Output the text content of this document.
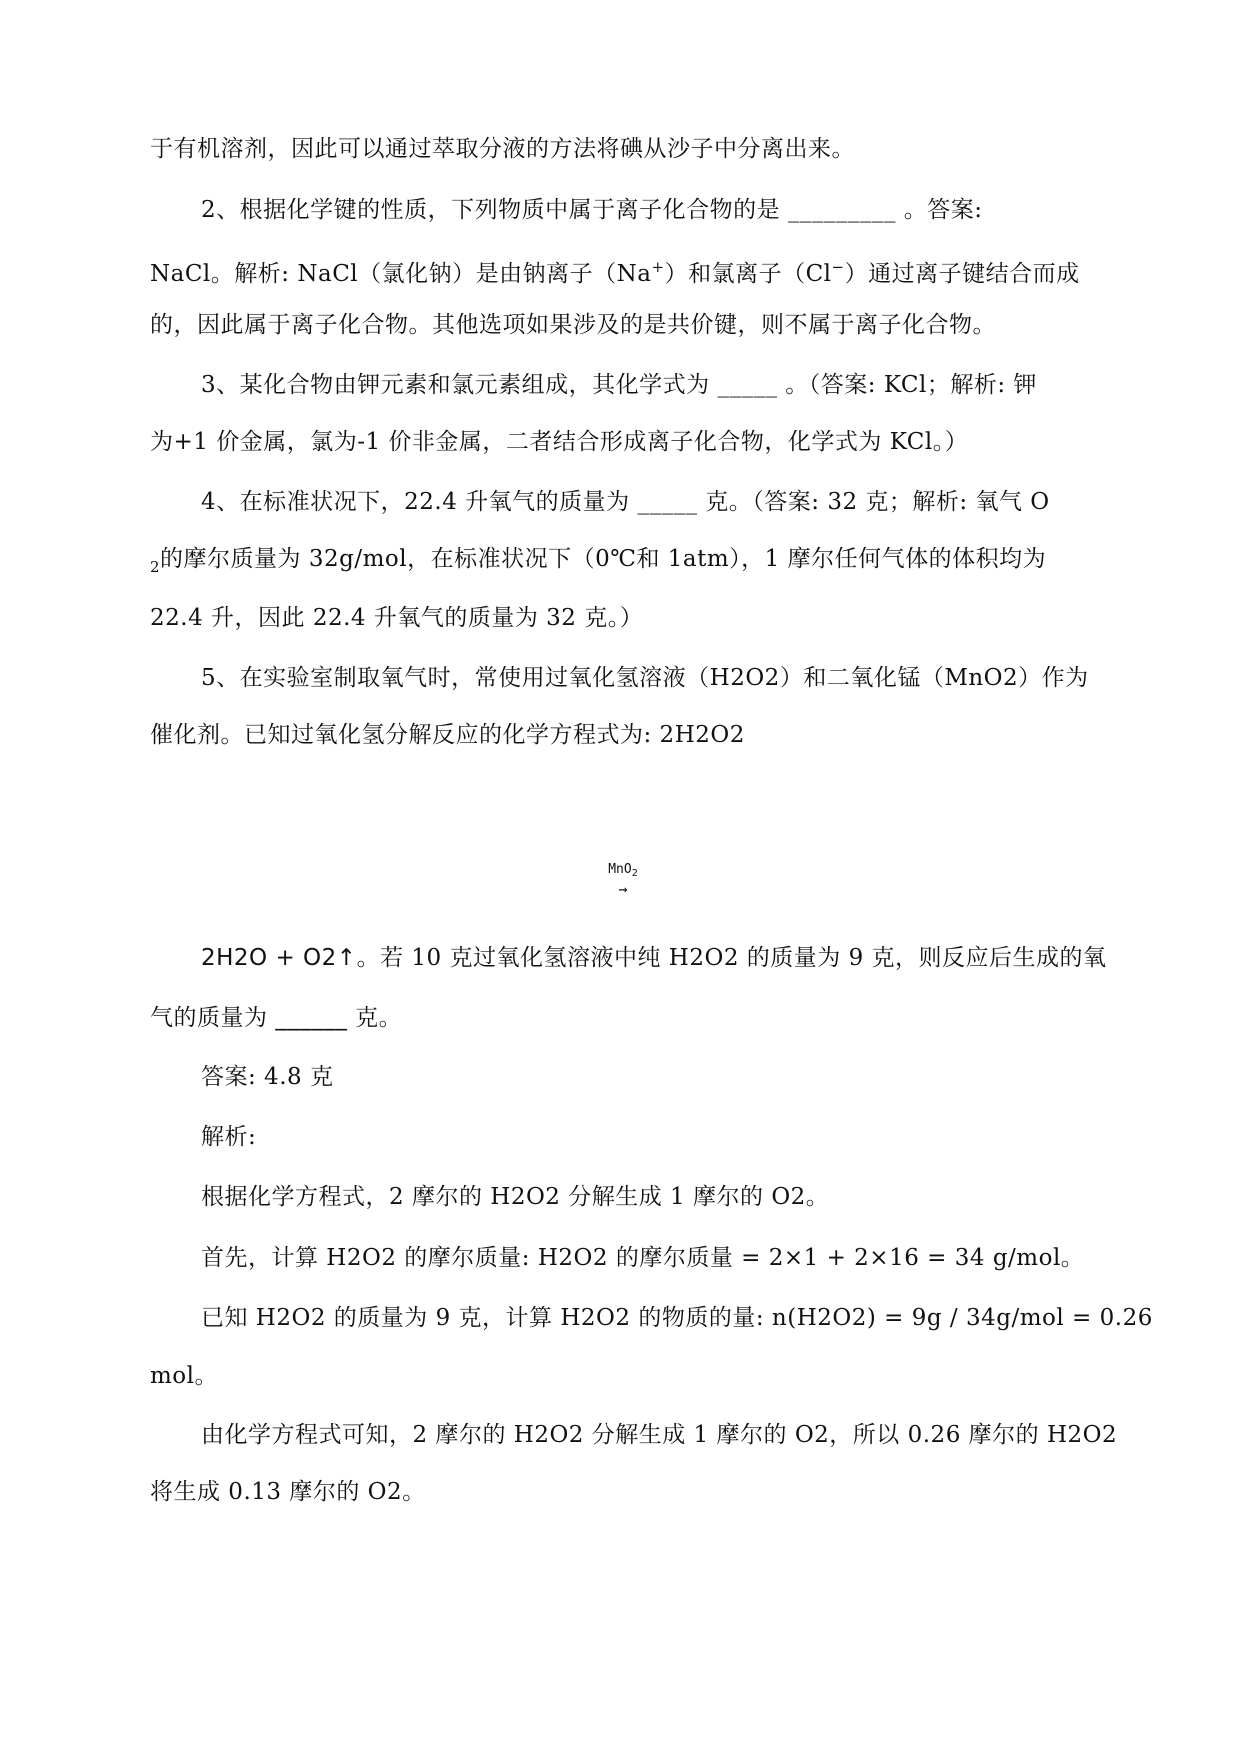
于有机溶剂，因此可以通过萃取分液的方法将碘从沙子中分离出来。
2、根据化学键的性质，下列物质中属于离子化合物的是 _________ 。答案:
NaCl。解析: NaCl（氯化钠）是由钠离子（Na+）和氯离子（Cl−）通过离子键结合而成
的，因此属于离子化合物。其他选项如果涉及的是共价键，则不属于离子化合物。
3、某化合物由钾元素和氯元素组成，其化学式为 _____ 。（答案: KCl；解析: 钾
为+1 价金属，氯为-1 价非金属，二者结合形成离子化合物，化学式为 KCl。）
4、在标准状况下，22.4 升氧气的质量为 _____ 克。（答案: 32 克；解析: 氧气 O
$_2$的摩尔质量为 32g/mol，在标准状况下（0℃和 1atm），1 摩尔任何气体的体积均为
22.4 升，因此 22.4 升氧气的质量为 32 克。）
5、在实验室制取氧气时，常使用过氧化氢溶液（H2O2）和二氧化锰（MnO2）作为
催化剂。已知过氧化氢分解反应的化学方程式为: 2H2O2
MnO$_2$
→
2H2O + O2↑。若 10 克过氧化氢溶液中纯 H2O2 的质量为 9 克，则反应后生成的氧
气的质量为 ______ 克。
答案: 4.8 克
解析:
根据化学方程式，2 摩尔的 H2O2 分解生成 1 摩尔的 O2。
首先，计算 H2O2 的摩尔质量: H2O2 的摩尔质量 = 2×1 + 2×16 = 34 g/mol。
已知 H2O2 的质量为 9 克，计算 H2O2 的物质的量: n(H2O2) = 9g / 34g/mol = 0.26
mol。
由化学方程式可知，2 摩尔的 H2O2 分解生成 1 摩尔的 O2，所以 0.26 摩尔的 H2O2
将生成 0.13 摩尔的 O2。
